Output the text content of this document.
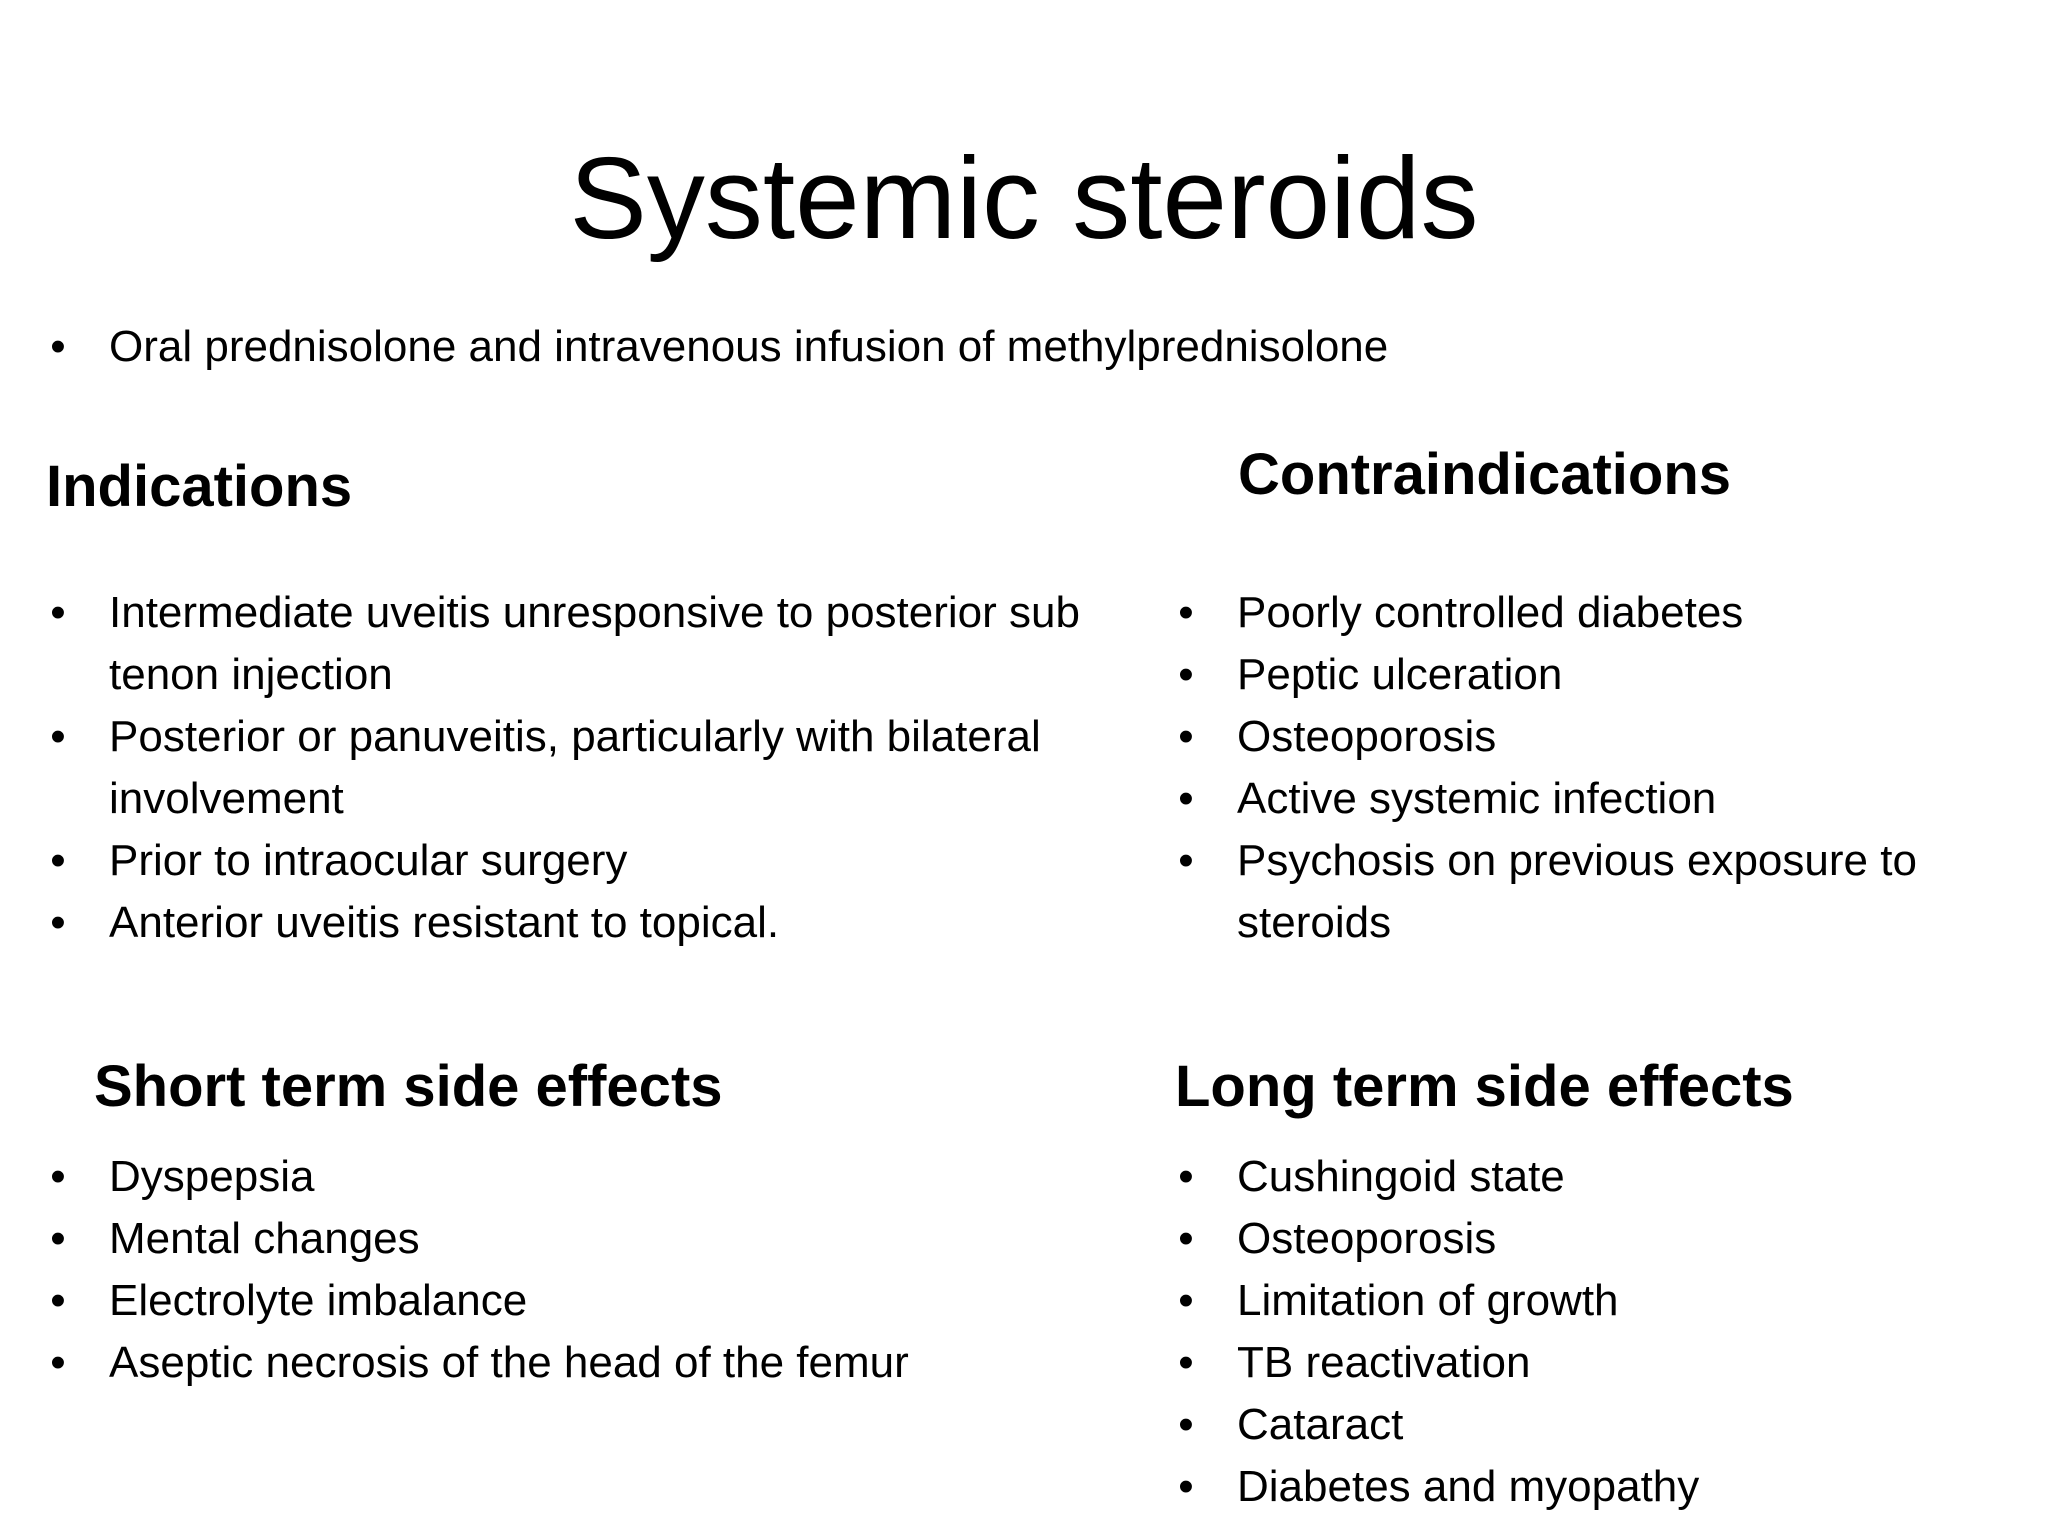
Systemic steroids
• Oral prednisolone and intravenous infusion of methylprednisolone
Indications
• Intermediate uveitis unresponsive to posterior sub tenon injection
• Posterior or panuveitis, particularly with bilateral involvement
• Prior to intraocular surgery
• Anterior uveitis resistant to topical.
Contraindications
• Poorly controlled diabetes
• Peptic ulceration
• Osteoporosis
• Active systemic infection
• Psychosis on previous exposure to steroids
Short term side effects
• Dyspepsia
• Mental changes
• Electrolyte imbalance
• Aseptic necrosis of the head of the femur
Long term side effects
• Cushingoid state
• Osteoporosis
• Limitation of growth
• TB reactivation
• Cataract
• Diabetes and myopathy
